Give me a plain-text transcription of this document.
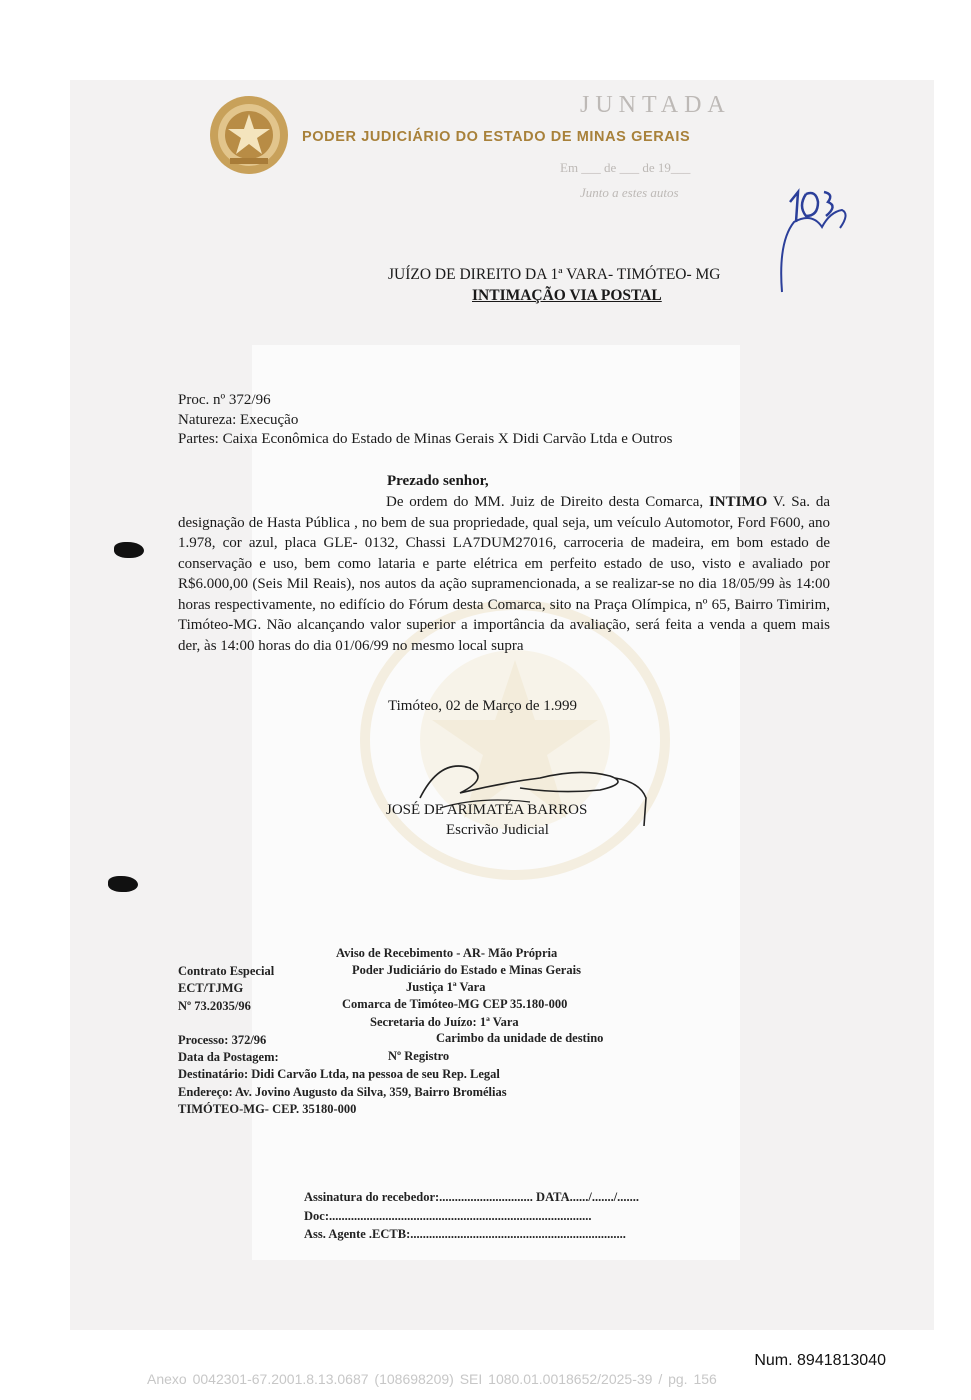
PODER JUDICIÁRIO DO ESTADO DE MINAS GERAIS
JUNTADA
Em ___ de ___ de 19___
Junto a estes autos
103
JUÍZO DE DIREITO DA 1ª VARA- TIMÓTEO- MG
INTIMAÇÃO VIA POSTAL
Proc. nº 372/96
Natureza: Execução
Partes: Caixa Econômica do Estado de Minas Gerais X Didi Carvão Ltda e Outros
Prezado senhor,
De ordem do MM. Juiz de Direito desta Comarca, INTIMO V. Sa. da designação de Hasta Pública , no bem de sua propriedade, qual seja, um veículo Automotor, Ford F600, ano 1.978, cor azul, placa GLE- 0132, Chassi LA7DUM27016, carroceria de madeira, em bom estado de conservação e uso, bem como lataria e parte elétrica em perfeito estado de uso, visto e avaliado por R$6.000,00 (Seis Mil Reais), nos autos da ação supramencionada, a se realizar-se no dia 18/05/99 às 14:00 horas respectivamente, no edifício do Fórum desta Comarca, sito na Praça Olímpica, nº 65, Bairro Timirim, Timóteo-MG. Não alcançando valor superior a importância da avaliação, será feita a venda a quem mais der, às 14:00 horas do dia 01/06/99 no mesmo local supra
Timóteo, 02 de Março de 1.999
JOSÉ DE ARIMATÉA BARROS
Escrivão Judicial
Aviso de Recebimento - AR- Mão Própria
Contrato Especial	Poder Judiciário do Estado e Minas Gerais
ECT/TJMG	Justiça 1ª Vara
Nº 73.2035/96	Comarca de Timóteo-MG CEP 35.180-000
Secretaria do Juízo: 1ª Vara
Processo: 372/96	Carimbo da unidade de destino
Data da Postagem:	Nº Registro
Destinatário: Didi Carvão Ltda, na pessoa de seu Rep. Legal
Endereço: Av. Jovino Augusto da Silva, 359, Bairro Bromélias
TIMÓTEO-MG- CEP. 35180-000
Assinatura do recebedor:.............................. DATA....../......./.......
Doc:....................................................................................
Ass. Agente .ECTB:.....................................................................
Num. 8941813040
Anexo 0042301-67.2001.8.13.0687 (108698209) SEI 1080.01.0018652/2025-39 / pg. 156
